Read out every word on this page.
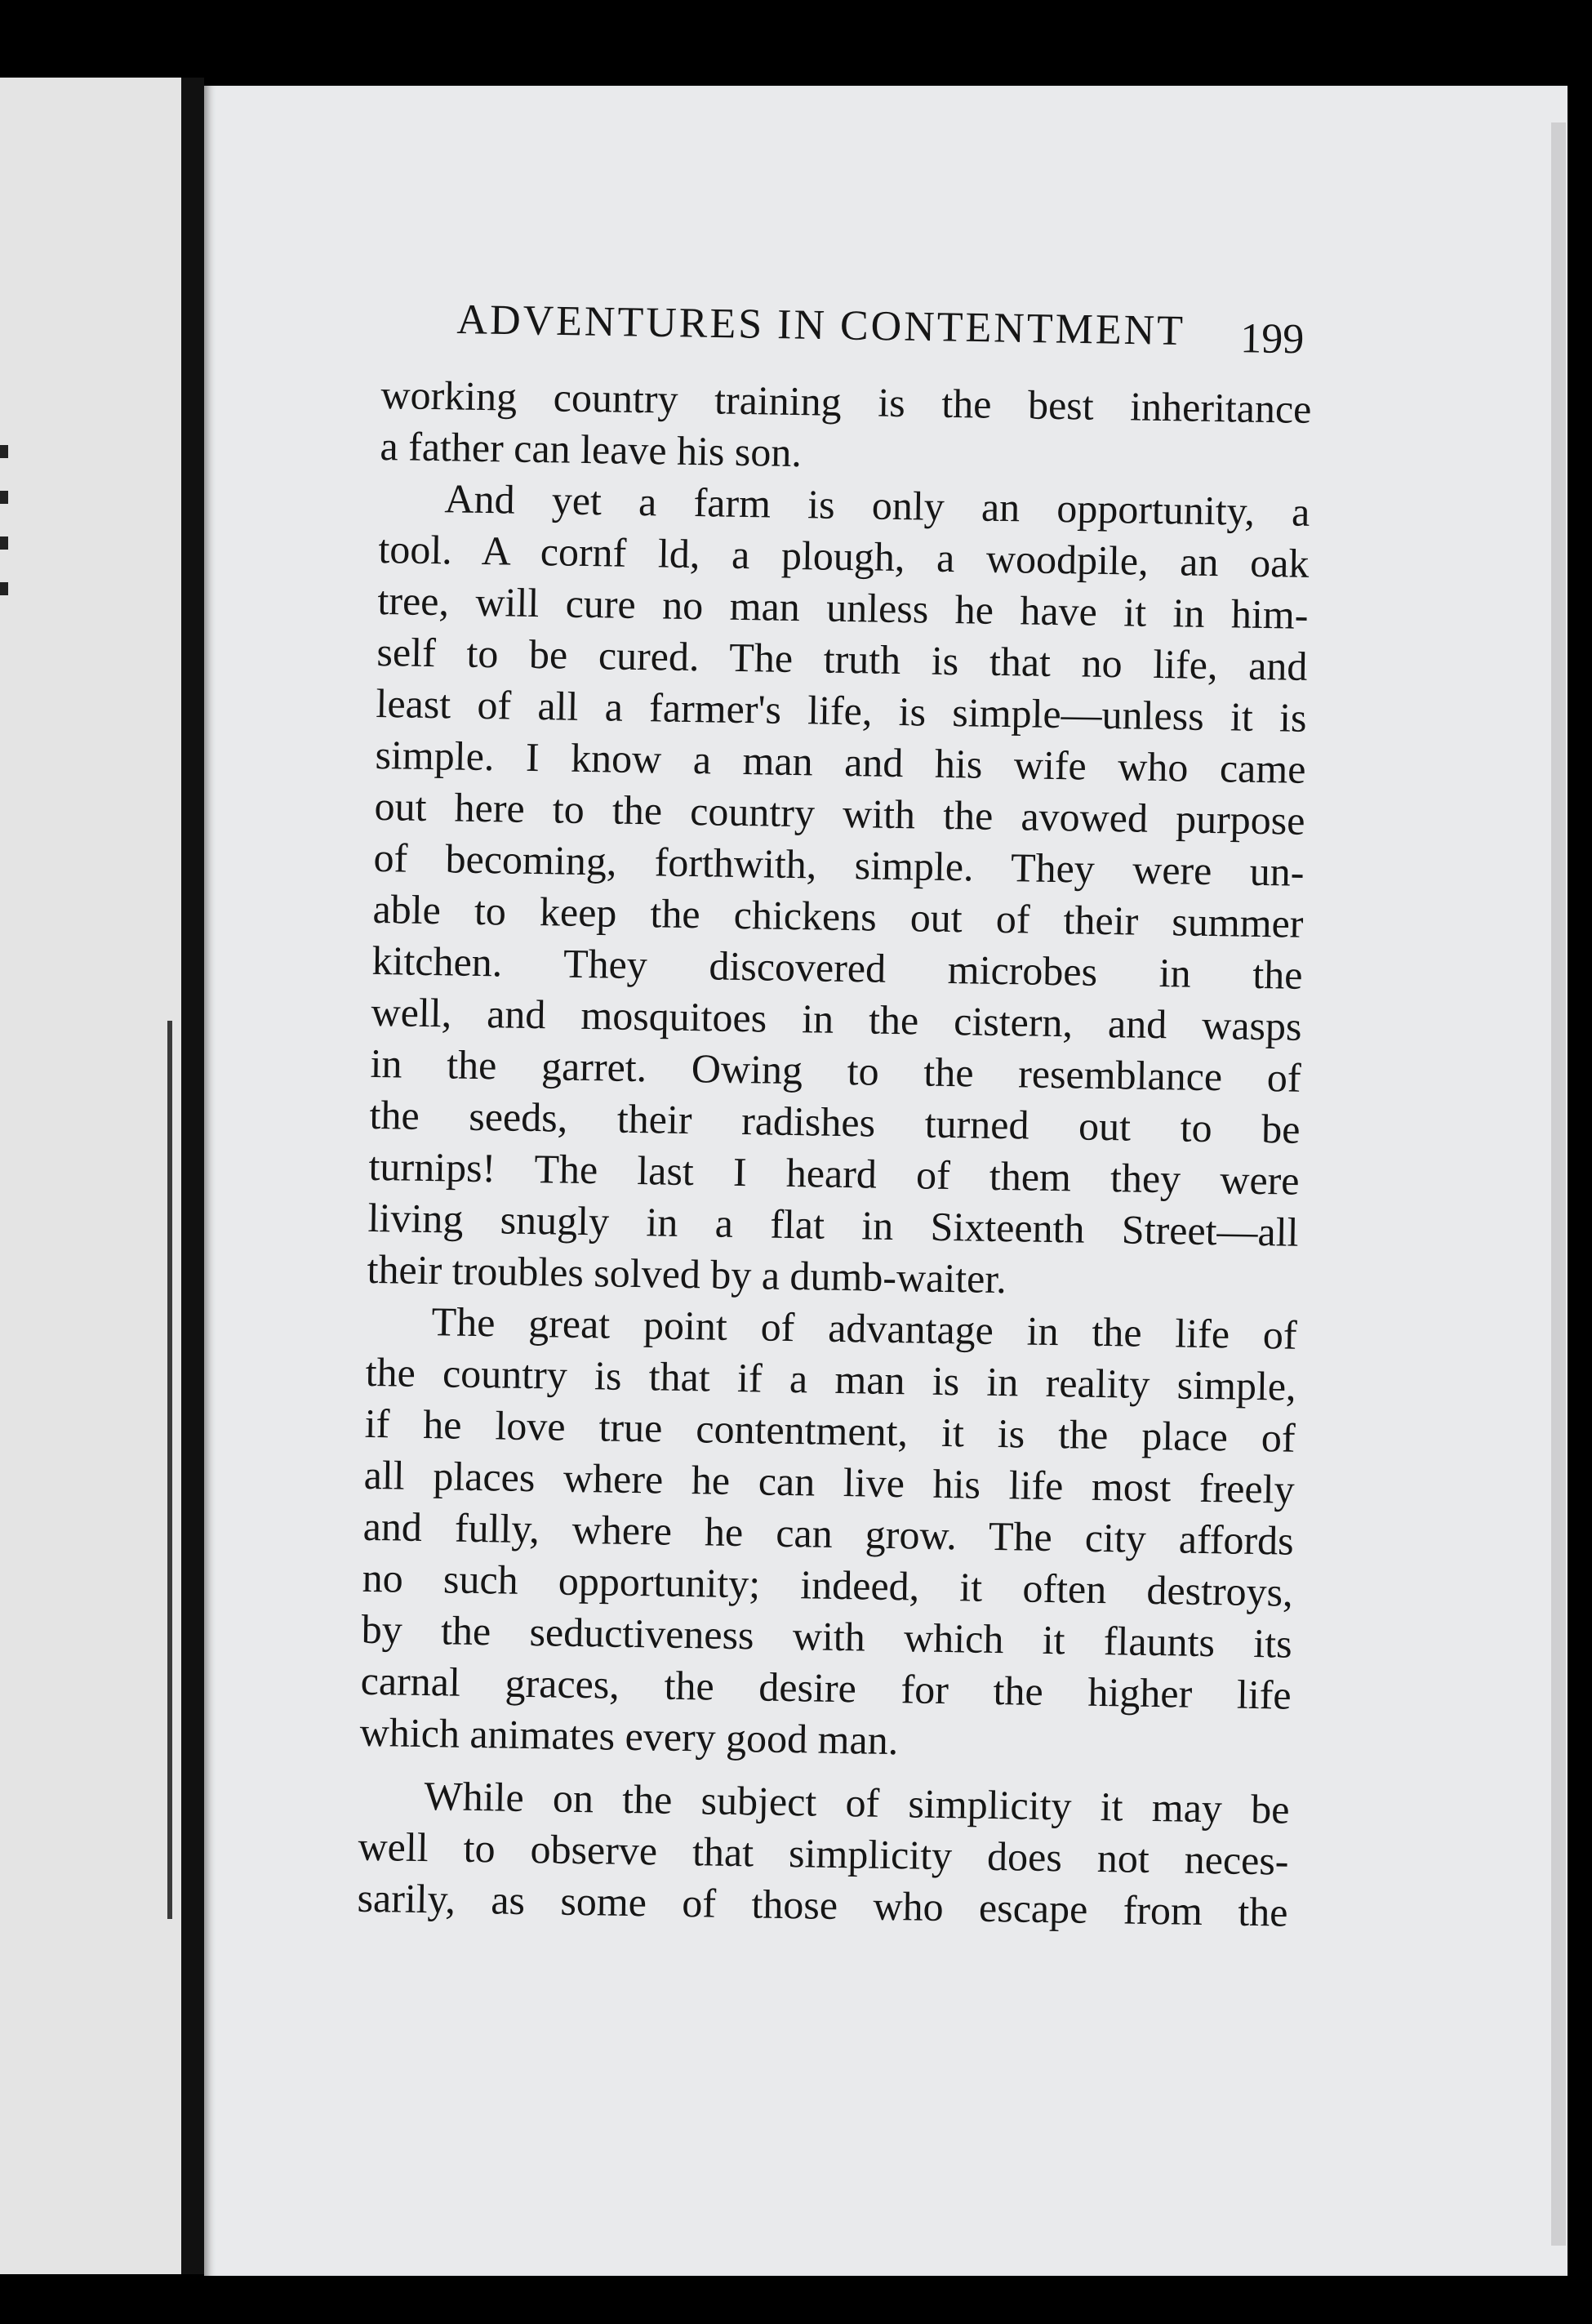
ADVENTURES IN CONTENTMENT 199
working country training is the best inheritance
a father can leave his son.
And yet a farm is only an opportunity, a
tool. A cornf ld, a plough, a woodpile, an oak
tree, will cure no man unless he have it in him-
self to be cured. The truth is that no life, and
least of all a farmer's life, is simple—unless it is
simple. I know a man and his wife who came
out here to the country with the avowed purpose
of becoming, forthwith, simple. They were un-
able to keep the chickens out of their summer
kitchen. They discovered microbes in the
well, and mosquitoes in the cistern, and wasps
in the garret. Owing to the resemblance of
the seeds, their radishes turned out to be
turnips! The last I heard of them they were
living snugly in a flat in Sixteenth Street—all
their troubles solved by a dumb-waiter.
The great point of advantage in the life of
the country is that if a man is in reality simple,
if he love true contentment, it is the place of
all places where he can live his life most freely
and fully, where he can grow. The city affords
no such opportunity; indeed, it often destroys,
by the seductiveness with which it flaunts its
carnal graces, the desire for the higher life
which animates every good man.
While on the subject of simplicity it may be
well to observe that simplicity does not neces-
sarily, as some of those who escape from the
